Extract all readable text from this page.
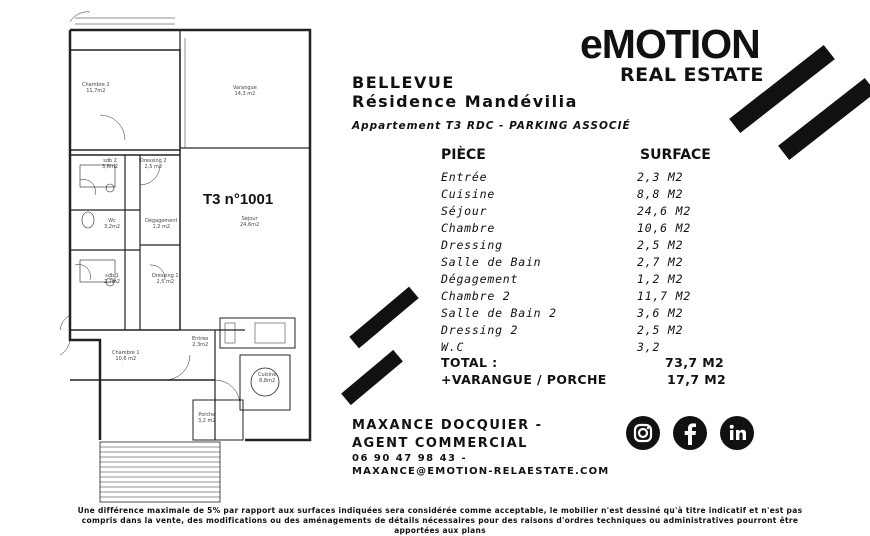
T3 n°1001
Chambre 2
11,7m2	Varangue
14,3 m2
sdb 2
3,6m2
Dressing 2
2,5 m2
Séjour
24,6m2
Wc
3,2m2
Dégagement
1,2 m2
sdb 1
2,7m2
Dressing 1
2,5 m2
Chambre 1
10,6 m2
Entrée
2,3m2
Cuisine
8,8m2
Porche
3,2 m2
eMOTION
REAL ESTATE
BELLEVUE
Résidence Mandévilia
Appartement T3 RDC - PARKING ASSOCIÉ
PIÈCE	SURFACE
Entrée	2,3 M2
Cuisine	8,8 M2
Séjour	24,6 M2
Chambre	10,6 M2
Dressing	2,5 M2
Salle de Bain	2,7 M2
Dégagement	1,2 M2
Chambre 2	11,7 M2
Salle de Bain 2	3,6 M2
Dressing 2	2,5 M2
W.C	3,2
TOTAL :	73,7 M2
+VARANGUE / PORCHE	17,7 M2
MAXANCE DOCQUIER -
AGENT COMMERCIAL
06 90 47 98 43 -
MAXANCE@EMOTION-RELAESTATE.COM
Une différence maximale de 5% par rapport aux surfaces indiquées sera considérée comme acceptable, le mobilier n'est dessiné qu'à titre indicatif et n'est pas compris dans la vente, des modifications ou des aménagements de détails nécessaires pour des raisons d'ordres techniques ou administratives pourront être apportées aux plans
